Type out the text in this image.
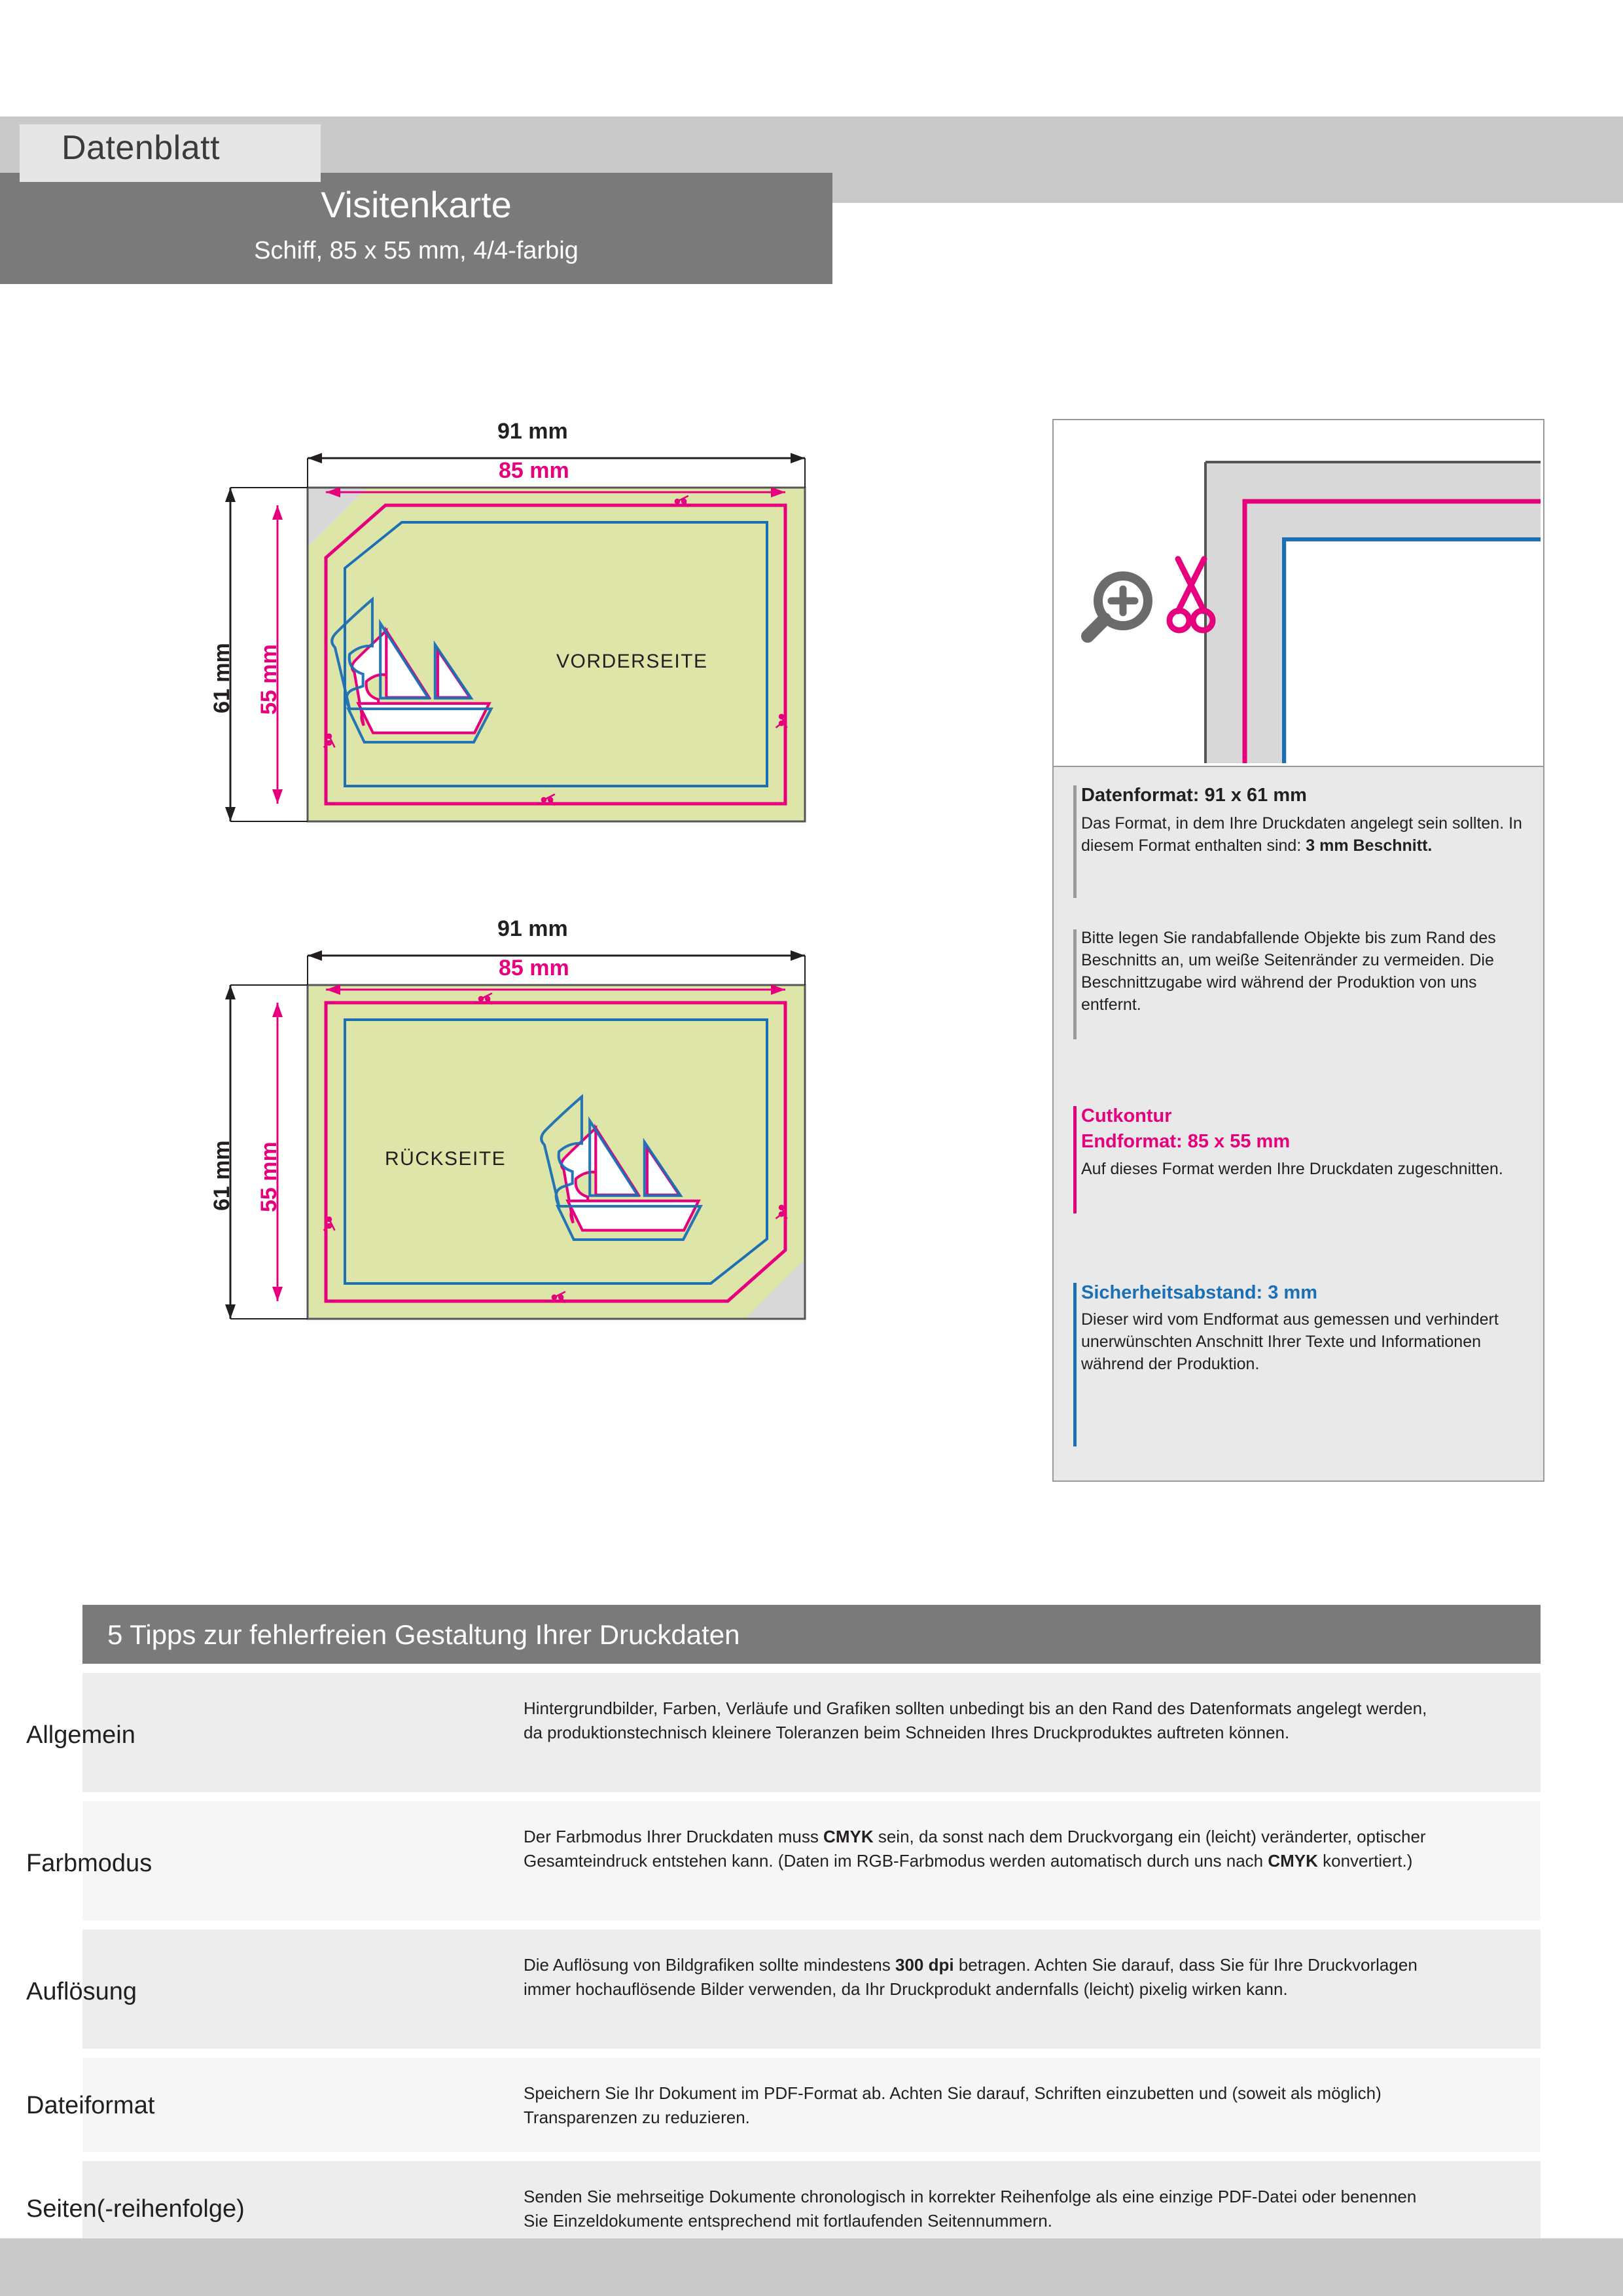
Datenblatt
Visitenkarte
Schiff, 85 x 55 mm, 4/4-farbig
VORDERSEITE
91 mm
85 mm
61 mm 55 mm
RÜCKSEITE
91 mm
85 mm
61 mm 55 mm
Datenformat: 91 x 61 mm
Das Format, in dem Ihre Druckdaten angelegt sein sollten. In diesem Format enthalten sind: 3 mm Beschnitt.
Bitte legen Sie randabfallende Objekte bis zum Rand des Beschnitts an, um weiße Seitenränder zu vermeiden. Die Beschnittzugabe wird während der Produktion von uns entfernt.
Cutkontur
Endformat: 85 x 55 mm
Auf dieses Format werden Ihre Druckdaten zugeschnitten.
Sicherheitsabstand: 3 mm
Dieser wird vom Endformat aus gemessen und verhindert unerwünschten Anschnitt Ihrer Texte und Informationen während der Produktion.
5 Tipps zur fehlerfreien Gestaltung Ihrer Druckdaten
Allgemein
Hintergrundbilder, Farben, Verläufe und Grafiken sollten unbedingt bis an den Rand des Datenformats angelegt werden, da produktionstechnisch kleinere Toleranzen beim Schneiden Ihres Druckproduktes auftreten können.
Farbmodus
Der Farbmodus Ihrer Druckdaten muss CMYK sein, da sonst nach dem Druckvorgang ein (leicht) veränderter, optischer Gesamteindruck entstehen kann. (Daten im RGB-Farbmodus werden automatisch durch uns nach CMYK konvertiert.)
Auflösung
Die Auflösung von Bildgrafiken sollte mindestens 300 dpi betragen. Achten Sie darauf, dass Sie für Ihre Druckvorlagen immer hochauflösende Bilder verwenden, da Ihr Druckprodukt andernfalls (leicht) pixelig wirken kann.
Dateiformat	Speichern Sie Ihr Dokument im PDF-Format ab. Achten Sie darauf, Schriften einzubetten und (soweit als möglich) Transparenzen zu reduzieren.
Seiten(-reihenfolge)	Senden Sie mehrseitige Dokumente chronologisch in korrekter Reihenfolge als eine einzige PDF-Datei oder benennen Sie Einzeldokumente entsprechend mit fortlaufenden Seitennummern.
